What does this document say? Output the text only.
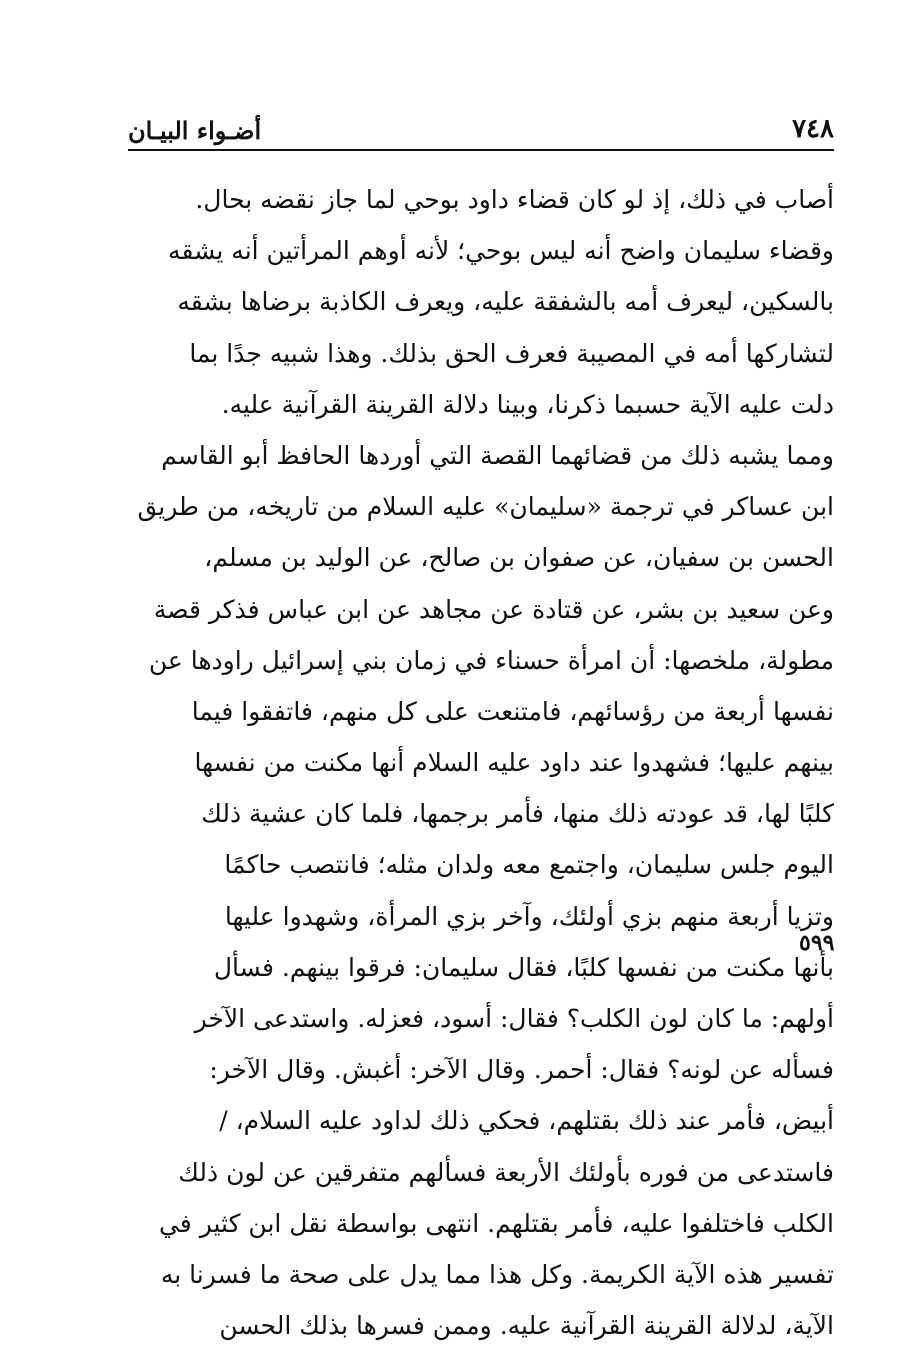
٧٤٨
أضـواء البيـان
أصاب في ذلك، إذ لو كان قضاء داود بوحي لما جاز نقضه بحال.
وقضاء سليمان واضح أنه ليس بوحي؛ لأنه أوهم المرأتين أنه يشقه
بالسكين، ليعرف أمه بالشفقة عليه، ويعرف الكاذبة برضاها بشقه
لتشاركها أمه في المصيبة فعرف الحق بذلك. وهذا شبيه جدًا بما
دلت عليه الآية حسبما ذكرنا، وبينا دلالة القرينة القرآنية عليه.
ومما يشبه ذلك من قضائهما القصة التي أوردها الحافظ أبو القاسم
ابن عساكر في ترجمة «سليمان» عليه السلام من تاريخه، من طريق
الحسن بن سفيان، عن صفوان بن صالح، عن الوليد بن مسلم،
وعن سعيد بن بشر، عن قتادة عن مجاهد عن ابن عباس فذكر قصة
مطولة، ملخصها: أن امرأة حسناء في زمان بني إسرائيل راودها عن
نفسها أربعة من رؤسائهم، فامتنعت على كل منهم، فاتفقوا فيما
بينهم عليها؛ فشهدوا عند داود عليه السلام أنها مكنت من نفسها
كلبًا لها، قد عودته ذلك منها، فأمر برجمها، فلما كان عشية ذلك
اليوم جلس سليمان، واجتمع معه ولدان مثله؛ فانتصب حاكمًا
وتزيا أربعة منهم بزي أولئك، وآخر بزي المرأة، وشهدوا عليها
بأنها مكنت من نفسها كلبًا، فقال سليمان: فرقوا بينهم. فسأل
أولهم: ما كان لون الكلب؟ فقال: أسود، فعزله. واستدعى الآخر
فسأله عن لونه؟ فقال: أحمر. وقال الآخر: أغبش. وقال الآخر:
أبيض، فأمر عند ذلك بقتلهم، فحكي ذلك لداود عليه السلام، /
فاستدعى من فوره بأولئك الأربعة فسألهم متفرقين عن لون ذلك
الكلب فاختلفوا عليه، فأمر بقتلهم. انتهى بواسطة نقل ابن كثير في
تفسير هذه الآية الكريمة. وكل هذا مما يدل على صحة ما فسرنا به
الآية، لدلالة القرينة القرآنية عليه. وممن فسرها بذلك الحسن
٥٩٩
